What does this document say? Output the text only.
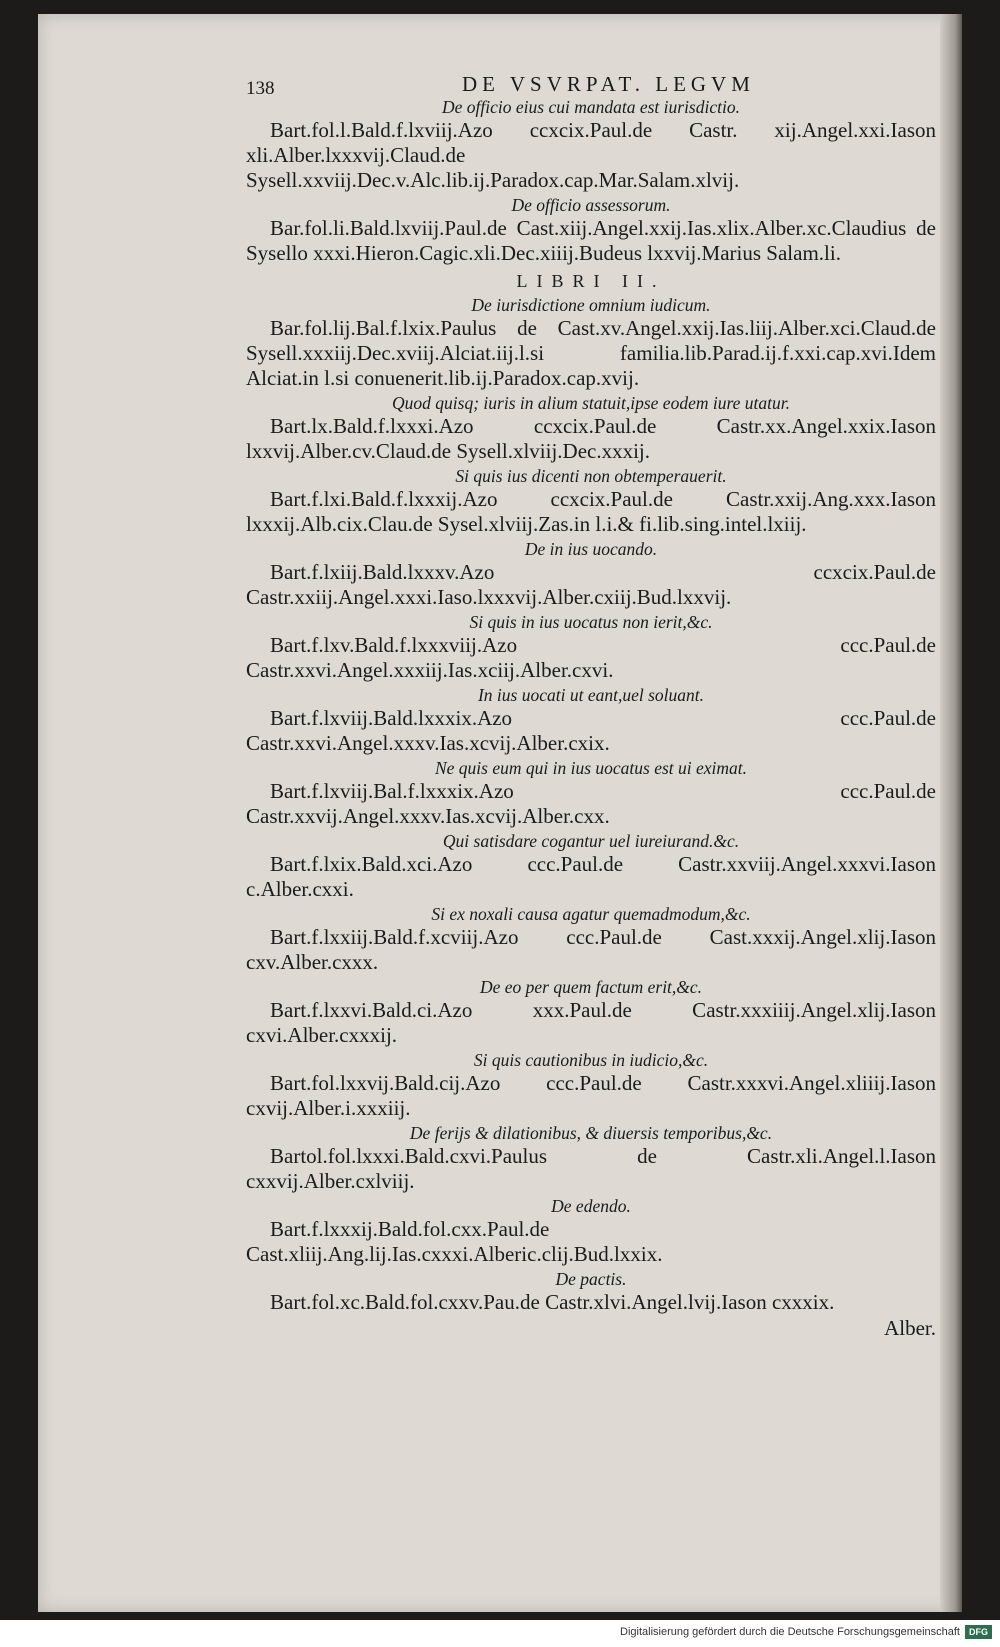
138	DE VSVRPAT. LEGVM

De officio eius cui mandata est iurisdictio.

Bart.fol.l.Bald.f.lxviij.Azo ccxcix.Paul.de Castr. xij.Angel.xxi.Iason xli.Alber.lxxxvij.Claud.de Sysell.xxviij.Dec.v.Alc.lib.ij.Paradox.cap.Mar.Salam.xlvij.

De officio assessorum.

Bar.fol.li.Bald.lxviij.Paul.de Cast.xiij.Angel.xxij.Ias.xlix.Alber.xc.Claudius de Sysello xxxi.Hieron.Cagic.xli.Dec.xiiij.Budeus lxxvij.Marius Salam.li.

LIBRI II.

De iurisdictione omnium iudicum.

Bar.fol.lij.Bal.f.lxix.Paulus de Cast.xv.Angel.xxij.Ias.liij.Alber.xci.Claud.de Sysell.xxxiij.Dec.xviij.Alciat.iij.l.si familia.lib.Parad.ij.f.xxi.cap.xvi.Idem Alciat.in l.si conuenerit.lib.ij.Paradox.cap.xvij.

Quod quisq; iuris in alium statuit,ipse eodem iure utatur.

Bart.lx.Bald.f.lxxxi.Azo ccxcix.Paul.de Castr.xx.Angel.xxix.Iason lxxvij.Alber.cv.Claud.de Sysell.xlviij.Dec.xxxij.

Si quis ius dicenti non obtemperauerit.

Bart.f.lxi.Bald.f.lxxxij.Azo ccxcix.Paul.de Castr.xxij.Ang.xxx.Iason lxxxij.Alb.cix.Clau.de Sysel.xlviij.Zas.in l.i.& fi.lib.sing.intel.lxiij.

De in ius uocando.

Bart.f.lxiij.Bald.lxxxv.Azo ccxcix.Paul.de Castr.xxiij.Angel.xxxi.Iaso.lxxxvij.Alber.cxiij.Bud.lxxvij.

Si quis in ius uocatus non ierit,&c.

Bart.f.lxv.Bald.f.lxxxviij.Azo ccc.Paul.de Castr.xxvi.Angel.xxxiij.Ias.xciij.Alber.cxvi.

In ius uocati ut eant,uel soluant.

Bart.f.lxviij.Bald.lxxxix.Azo ccc.Paul.de Castr.xxvi.Angel.xxxv.Ias.xcvij.Alber.cxix.

Ne quis eum qui in ius uocatus est ui eximat.

Bart.f.lxviij.Bal.f.lxxxix.Azo ccc.Paul.de Castr.xxvij.Angel.xxxv.Ias.xcvij.Alber.cxx.

Qui satisdare cogantur uel iureiurand.&c.

Bart.f.lxix.Bald.xci.Azo ccc.Paul.de Castr.xxviij.Angel.xxxvi.Iason c.Alber.cxxi.

Si ex noxali causa agatur quemadmodum,&c.

Bart.f.lxxiij.Bald.f.xcviij.Azo ccc.Paul.de Cast.xxxij.Angel.xlij.Iason cxv.Alber.cxxx.

De eo per quem factum erit,&c.

Bart.f.lxxvi.Bald.ci.Azo xxx.Paul.de Castr.xxxiiij.Angel.xlij.Iason cxvi.Alber.cxxxij.

Si quis cautionibus in iudicio,&c.

Bart.fol.lxxvij.Bald.cij.Azo ccc.Paul.de Castr.xxxvi.Angel.xliiij.Iason cxvij.Alber.i.xxxiij.

De ferijs & dilationibus, & diuersis temporibus,&c.

Bartol.fol.lxxxi.Bald.cxvi.Paulus de Castr.xli.Angel.l.Iason cxxvij.Alber.cxlviij.

De edendo.

Bart.f.lxxxij.Bald.fol.cxx.Paul.de Cast.xliij.Ang.lij.Ias.cxxxi.Alberic.clij.Bud.lxxix.

De pactis.

Bart.fol.xc.Bald.fol.cxxv.Pau.de Castr.xlvi.Angel.lvij.Iason cxxxix.

Alber.

Digitalisierung gefördert durch die Deutsche Forschungsgemeinschaft	DFG
